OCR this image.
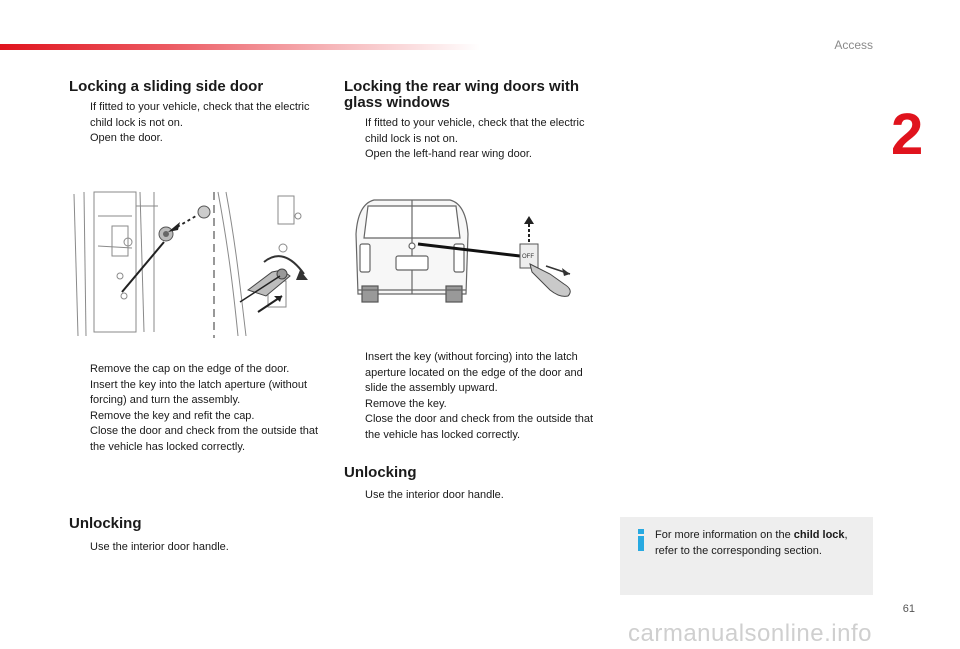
Access
2
Locking a sliding side door
If fitted to your vehicle, check that the electric child lock is not on.
Open the door.
Remove the cap on the edge of the door.
Insert the key into the latch aperture (without forcing) and turn the assembly.
Remove the key and refit the cap.
Close the door and check from the outside that the vehicle has locked correctly.
Unlocking
Use the interior door handle.
Locking the rear wing doors with glass windows
If fitted to your vehicle, check that the electric child lock is not on.
Open the left-hand rear wing door.
OFF
Insert the key (without forcing) into the latch aperture located on the edge of the door and slide the assembly upward.
Remove the key.
Close the door and check from the outside that the vehicle has locked correctly.
Unlocking
Use the interior door handle.
For more information on the child lock, refer to the corresponding section.
61
carmanualsonline.info
